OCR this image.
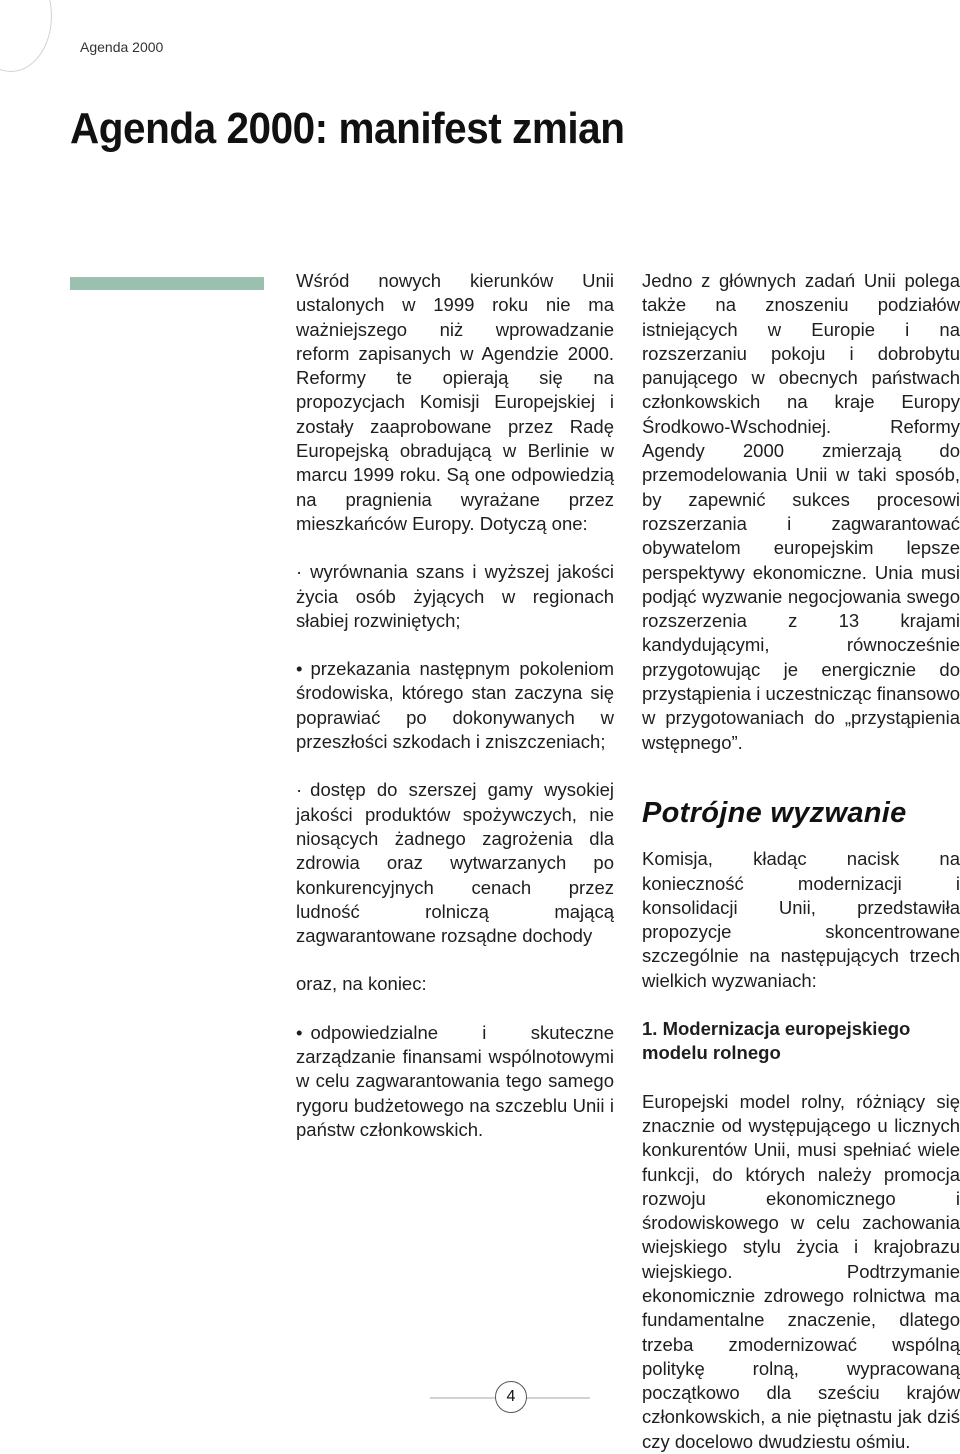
Agenda 2000
Agenda 2000: manifest zmian

Wśród nowych kierunków Unii ustalonych w 1999 roku nie ma ważniejszego niż wprowadzanie reform zapisanych w Agendzie 2000. Reformy te opierają się na propozycjach Komisji Europejskiej i zostały zaaprobowane przez Radę Europejską obradującą w Berlinie w marcu 1999 roku. Są one odpowiedzią na pragnienia wyrażane przez mieszkańców Europy. Dotyczą one:

· wyrównania szans i wyższej jakości życia osób żyjących w regionach słabiej rozwiniętych;

• przekazania następnym pokoleniom środowiska, którego stan zaczyna się poprawiać po dokonywanych w przeszłości szkodach i zniszczeniach;

· dostęp do szerszej gamy wysokiej jakości produktów spożywczych, nie niosących żadnego zagrożenia dla zdrowia oraz wytwarzanych po konkurencyjnych cenach przez ludność rolniczą mającą zagwarantowane rozsądne dochody

oraz, na koniec:

• odpowiedzialne i skuteczne zarządzanie finansami wspólnotowymi w celu zagwarantowania tego samego rygoru budżetowego na szczeblu Unii i państw członkowskich.

Jedno z głównych zadań Unii polega także na znoszeniu podziałów istniejących w Europie i na rozszerzaniu pokoju i dobrobytu panującego w obecnych państwach członkowskich na kraje Europy Środkowo-Wschodniej. Reformy Agendy 2000 zmierzają do przemodelowania Unii w taki sposób, by zapewnić sukces procesowi rozszerzania i zagwarantować obywatelom europejskim lepsze perspektywy ekonomiczne. Unia musi podjąć wyzwanie negocjowania swego rozszerzenia z 13 krajami kandydującymi, równocześnie przygotowując je energicznie do przystąpienia i uczestnicząc finansowo w przygotowaniach do „przystąpienia wstępnego”.

Potrójne wyzwanie

Komisja, kładąc nacisk na konieczność modernizacji i konsolidacji Unii, przedstawiła propozycje skoncentrowane szczególnie na następujących trzech wielkich wyzwaniach:

1. Modernizacja europejskiego modelu rolnego

Europejski model rolny, różniący się znacznie od występującego u licznych konkurentów Unii, musi spełniać wiele funkcji, do których należy promocja rozwoju ekonomicznego i środowiskowego w celu zachowania wiejskiego stylu życia i krajobrazu wiejskiego. Podtrzymanie ekonomicznie zdrowego rolnictwa ma fundamentalne znaczenie, dlatego trzeba zmodernizować wspólną politykę rolną, wypracowaną początkowo dla sześciu krajów członkowskich, a nie piętnastu jak dziś czy docelowo dwudziestu ośmiu.

4
